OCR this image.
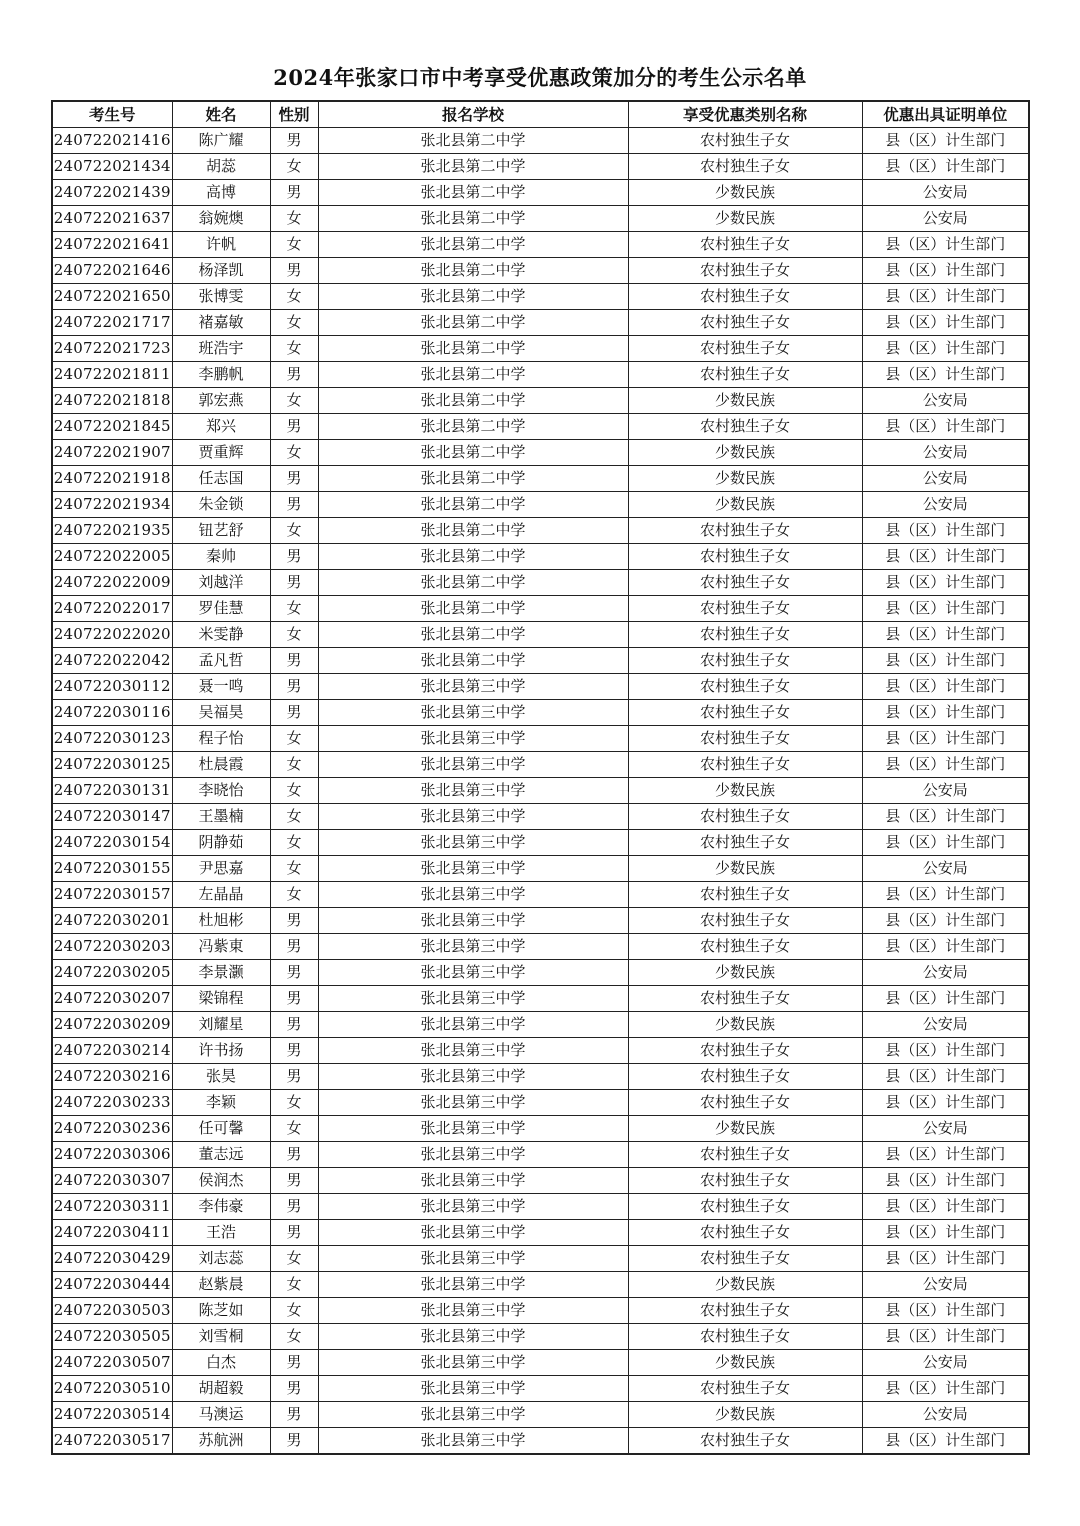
2024年张家口市中考享受优惠政策加分的考生公示名单
考生号	姓名	性别	报名学校	享受优惠类别名称	优惠出具证明单位
240722021416	陈广耀	男	张北县第二中学	农村独生子女	县（区）计生部门
240722021434	胡蕊	女	张北县第二中学	农村独生子女	县（区）计生部门
240722021439	高博	男	张北县第二中学	少数民族	公安局
240722021637	翁婉燠	女	张北县第二中学	少数民族	公安局
240722021641	许帆	女	张北县第二中学	农村独生子女	县（区）计生部门
240722021646	杨泽凯	男	张北县第二中学	农村独生子女	县（区）计生部门
240722021650	张博雯	女	张北县第二中学	农村独生子女	县（区）计生部门
240722021717	褚嘉敏	女	张北县第二中学	农村独生子女	县（区）计生部门
240722021723	班浩宇	女	张北县第二中学	农村独生子女	县（区）计生部门
240722021811	李鹏帆	男	张北县第二中学	农村独生子女	县（区）计生部门
240722021818	郭宏燕	女	张北县第二中学	少数民族	公安局
240722021845	郑兴	男	张北县第二中学	农村独生子女	县（区）计生部门
240722021907	贾重辉	女	张北县第二中学	少数民族	公安局
240722021918	任志国	男	张北县第二中学	少数民族	公安局
240722021934	朱金锁	男	张北县第二中学	少数民族	公安局
240722021935	钮艺舒	女	张北县第二中学	农村独生子女	县（区）计生部门
240722022005	秦帅	男	张北县第二中学	农村独生子女	县（区）计生部门
240722022009	刘越洋	男	张北县第二中学	农村独生子女	县（区）计生部门
240722022017	罗佳慧	女	张北县第二中学	农村独生子女	县（区）计生部门
240722022020	米雯静	女	张北县第二中学	农村独生子女	县（区）计生部门
240722022042	孟凡哲	男	张北县第二中学	农村独生子女	县（区）计生部门
240722030112	聂一鸣	男	张北县第三中学	农村独生子女	县（区）计生部门
240722030116	吴福昊	男	张北县第三中学	农村独生子女	县（区）计生部门
240722030123	程子怡	女	张北县第三中学	农村独生子女	县（区）计生部门
240722030125	杜晨霞	女	张北县第三中学	农村独生子女	县（区）计生部门
240722030131	李晓怡	女	张北县第三中学	少数民族	公安局
240722030147	王墨楠	女	张北县第三中学	农村独生子女	县（区）计生部门
240722030154	阴静茹	女	张北县第三中学	农村独生子女	县（区）计生部门
240722030155	尹思嘉	女	张北县第三中学	少数民族	公安局
240722030157	左晶晶	女	张北县第三中学	农村独生子女	县（区）计生部门
240722030201	杜旭彬	男	张北县第三中学	农村独生子女	县（区）计生部门
240722030203	冯紫東	男	张北县第三中学	农村独生子女	县（区）计生部门
240722030205	李景灏	男	张北县第三中学	少数民族	公安局
240722030207	梁锦程	男	张北县第三中学	农村独生子女	县（区）计生部门
240722030209	刘耀星	男	张北县第三中学	少数民族	公安局
240722030214	许书扬	男	张北县第三中学	农村独生子女	县（区）计生部门
240722030216	张昊	男	张北县第三中学	农村独生子女	县（区）计生部门
240722030233	李颖	女	张北县第三中学	农村独生子女	县（区）计生部门
240722030236	任可馨	女	张北县第三中学	少数民族	公安局
240722030306	董志远	男	张北县第三中学	农村独生子女	县（区）计生部门
240722030307	侯润杰	男	张北县第三中学	农村独生子女	县（区）计生部门
240722030311	李伟豪	男	张北县第三中学	农村独生子女	县（区）计生部门
240722030411	王浩	男	张北县第三中学	农村独生子女	县（区）计生部门
240722030429	刘志蕊	女	张北县第三中学	农村独生子女	县（区）计生部门
240722030444	赵紫晨	女	张北县第三中学	少数民族	公安局
240722030503	陈芝如	女	张北县第三中学	农村独生子女	县（区）计生部门
240722030505	刘雪桐	女	张北县第三中学	农村独生子女	县（区）计生部门
240722030507	白杰	男	张北县第三中学	少数民族	公安局
240722030510	胡超毅	男	张北县第三中学	农村独生子女	县（区）计生部门
240722030514	马澳运	男	张北县第三中学	少数民族	公安局
240722030517	苏航洲	男	张北县第三中学	农村独生子女	县（区）计生部门
